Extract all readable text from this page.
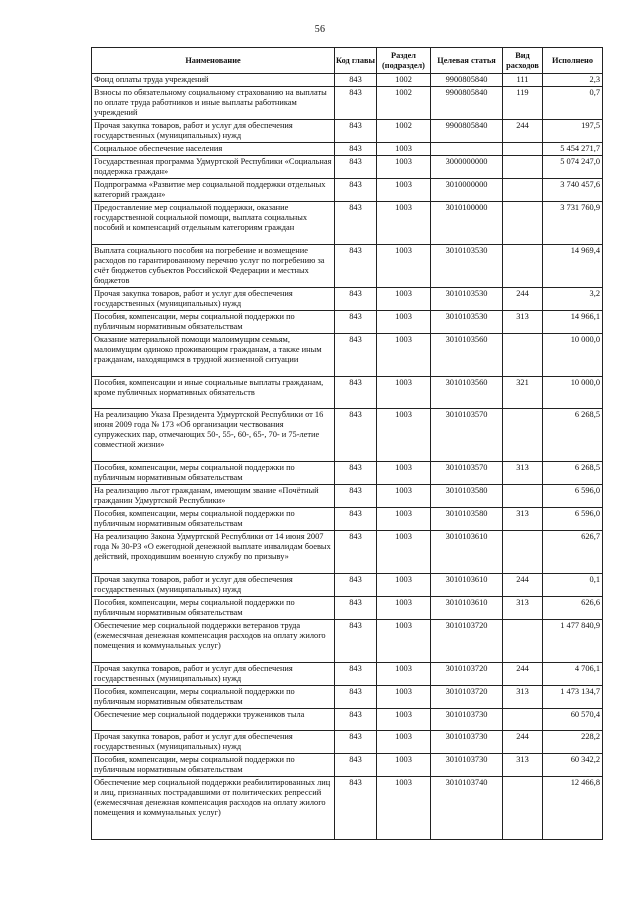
56
Наименование	Код главы	Раздел (подраздел)	Целевая статья	Вид расходов	Исполнено
Фонд оплаты труда учреждений	843	1002	9900805840	111	2,3
Взносы по обязательному социальному страхованию на выплаты по оплате труда работников и иные выплаты работникам учреждений	843	1002	9900805840	119	0,7
Прочая закупка товаров, работ и услуг для обеспечения государственных (муниципальных) нужд	843	1002	9900805840	244	197,5
Социальное обеспечение населения	843	1003			5 454 271,7
Государственная программа Удмуртской Республики «Социальная поддержка граждан»	843	1003	3000000000		5 074 247,0
Подпрограмма «Развитие мер социальной поддержки отдельных категорий граждан»	843	1003	3010000000		3 740 457,6
Предоставление мер социальной поддержки, оказание государственной социальной помощи, выплата социальных пособий и компенсаций отдельным категориям граждан	843	1003	3010100000		3 731 760,9
Выплата социального пособия на погребение и возмещение расходов по гарантированному перечню услуг по погребению за счёт бюджетов субъектов Российской Федерации и местных бюджетов	843	1003	3010103530		14 969,4
Прочая закупка товаров, работ и услуг для обеспечения государственных (муниципальных) нужд	843	1003	3010103530	244	3,2
Пособия, компенсации, меры социальной поддержки по публичным нормативным обязательствам	843	1003	3010103530	313	14 966,1
Оказание материальной помощи малоимущим семьям, малоимущим одиноко проживающим гражданам, а также иным гражданам, находящимся в трудной жизненной ситуации	843	1003	3010103560		10 000,0
Пособия, компенсации и иные социальные выплаты гражданам, кроме публичных нормативных обязательств	843	1003	3010103560	321	10 000,0
На реализацию Указа Президента Удмуртской Республики от 16 июня 2009 года № 173 «Об организации чествования супружеских пар, отмечающих 50-, 55-, 60-, 65-, 70- и 75-летие совместной жизни»	843	1003	3010103570		6 268,5
Пособия, компенсации, меры социальной поддержки по публичным нормативным обязательствам	843	1003	3010103570	313	6 268,5
На реализацию льгот гражданам, имеющим звание «Почётный гражданин Удмуртской Республики»	843	1003	3010103580		6 596,0
Пособия, компенсации, меры социальной поддержки по публичным нормативным обязательствам	843	1003	3010103580	313	6 596,0
На реализацию Закона Удмуртской Республики от 14 июня 2007 года № 30-РЗ «О ежегодной денежной выплате инвалидам боевых действий, проходившим военную службу по призыву»	843	1003	3010103610		626,7
Прочая закупка товаров, работ и услуг для обеспечения государственных (муниципальных) нужд	843	1003	3010103610	244	0,1
Пособия, компенсации, меры социальной поддержки по публичным нормативным обязательствам	843	1003	3010103610	313	626,6
Обеспечение мер социальной поддержки ветеранов труда (ежемесячная денежная компенсация расходов на оплату жилого помещения и коммунальных услуг)	843	1003	3010103720		1 477 840,9
Прочая закупка товаров, работ и услуг для обеспечения государственных (муниципальных) нужд	843	1003	3010103720	244	4 706,1
Пособия, компенсации, меры социальной поддержки по публичным нормативным обязательствам	843	1003	3010103720	313	1 473 134,7
Обеспечение мер социальной поддержки тружеников тыла	843	1003	3010103730		60 570,4
Прочая закупка товаров, работ и услуг для обеспечения государственных (муниципальных) нужд	843	1003	3010103730	244	228,2
Пособия, компенсации, меры социальной поддержки по публичным нормативным обязательствам	843	1003	3010103730	313	60 342,2
Обеспечение мер социальной поддержки реабилитированных лиц и лиц, признанных пострадавшими от политических репрессий (ежемесячная денежная компенсация расходов на оплату жилого помещения и коммунальных услуг)	843	1003	3010103740		12 466,8
